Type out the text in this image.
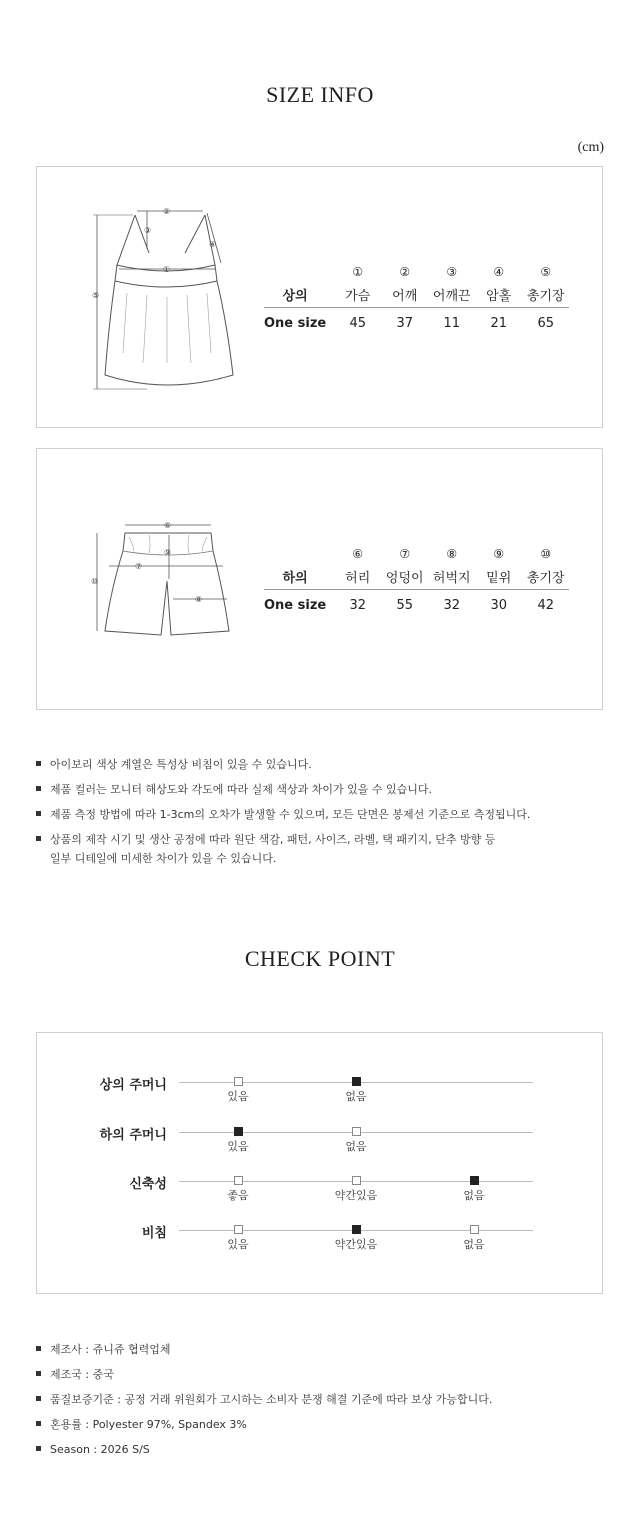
SIZE INFO
(cm)
②
③
①
④
⑤
	①	②	③	④	⑤
상의	가슴	어깨	어깨끈	암홀	총기장
One size	45	37	11	21	65
⑥
⑨
⑦
⑧
⑩
	⑥	⑦	⑧	⑨	⑩
하의	허리	엉덩이	허벅지	밑위	총기장
One size	32	55	32	30	42
아이보리 색상 계열은 특성상 비침이 있을 수 있습니다.
제품 컬러는 모니터 해상도와 각도에 따라 실제 색상과 차이가 있을 수 있습니다.
제품 측정 방법에 따라 1-3cm의 오차가 발생할 수 있으며, 모든 단면은 봉제선 기준으로 측정됩니다.
상품의 제작 시기 및 생산 공정에 따라 원단 색감, 패턴, 사이즈, 라벨, 택 패키지, 단추 방향 등
일부 디테일에 미세한 차이가 있을 수 있습니다.
CHECK POINT
상의 주머니
있음	없음
하의 주머니
있음	없음
신축성
좋음	약간있음	없음
비침
있음	약간있음	없음
제조사 : 쥬니쥬 협력업체
제조국 : 중국
품질보증기준 : 공정 거래 위원회가 고시하는 소비자 분쟁 해결 기준에 따라 보상 가능합니다.
혼용률 : Polyester 97%, Spandex 3%
Season : 2026 S/S
